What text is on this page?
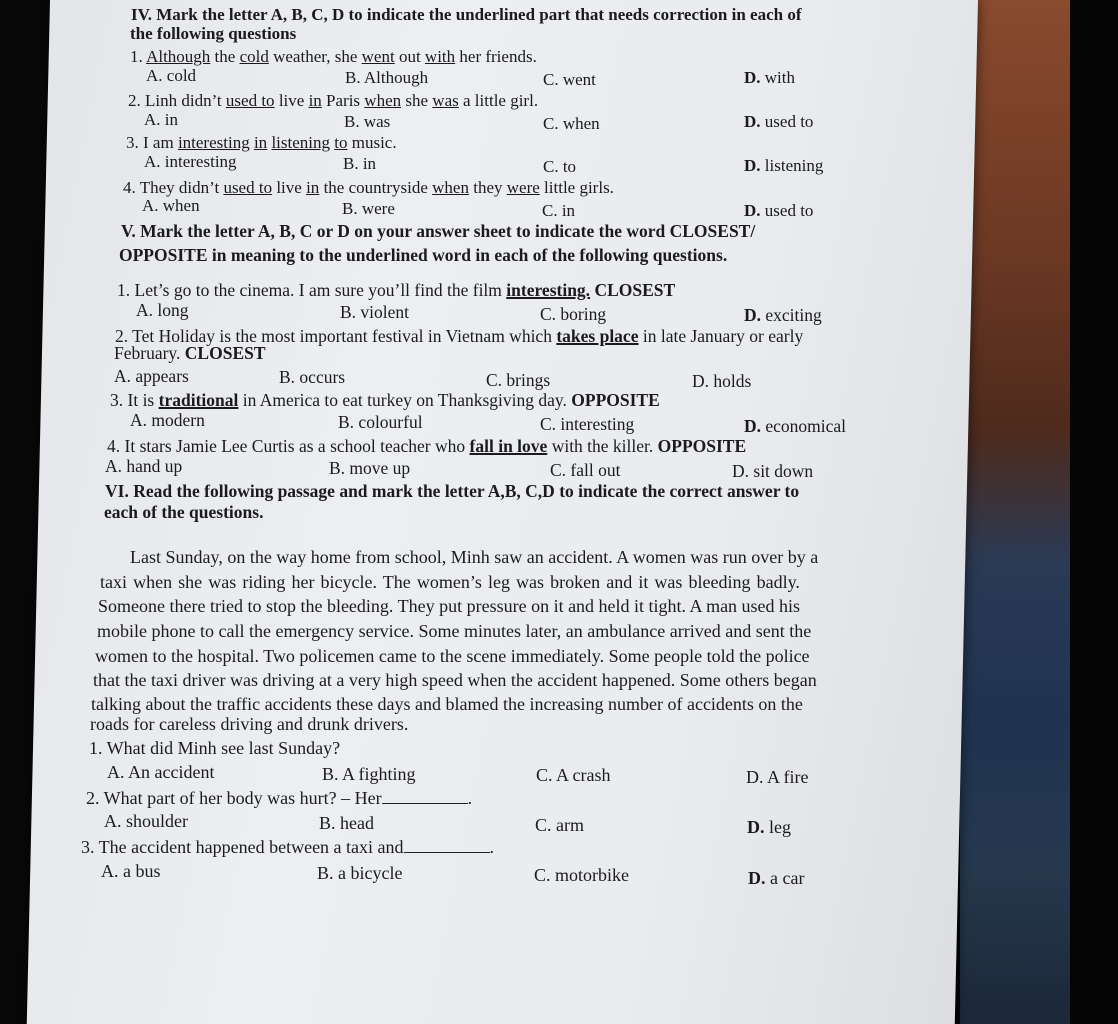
IV. Mark the letter A, B, C, D to indicate the underlined part that needs correction in each of
the following questions
1. Although the cold weather, she went out with her friends.
A. cold	B. Although	C. went	D. with
2. Linh didn’t used to live in Paris when she was a little girl.
A. in	B. was	C. when	D. used to
3. I am interesting in listening to music.
A. interesting	B. in	C. to	D. listening
4. They didn’t used to live in the countryside when they were little girls.
A. when	B. were	C. in	D. used to
V. Mark the letter A, B, C or D on your answer sheet to indicate the word CLOSEST/
OPPOSITE in meaning to the underlined word in each of the following questions.
1. Let’s go to the cinema. I am sure you’ll find the film interesting. CLOSEST
A. long	B. violent	C. boring	D. exciting
2. Tet Holiday is the most important festival in Vietnam which takes place in late January or early
February. CLOSEST
A. appears	B. occurs	C. brings	D. holds
3. It is traditional in America to eat turkey on Thanksgiving day. OPPOSITE
A. modern	B. colourful	C. interesting	D. economical
4. It stars Jamie Lee Curtis as a school teacher who fall in love with the killer. OPPOSITE
A. hand up	B. move up	C. fall out	D. sit down
VI. Read the following passage and mark the letter A,B, C,D to indicate the correct answer to
each of the questions.
Last Sunday, on the way home from school, Minh saw an accident. A women was run over by a
taxi when she was riding her bicycle. The women’s leg was broken and it was bleeding badly.
Someone there tried to stop the bleeding. They put pressure on it and held it tight. A man used his
mobile phone to call the emergency service. Some minutes later, an ambulance arrived and sent the
women to the hospital. Two policemen came to the scene immediately. Some people told the police
that the taxi driver was driving at a very high speed when the accident happened. Some others began
talking about the traffic accidents these days and blamed the increasing number of accidents on the
roads for careless driving and drunk drivers.
1. What did Minh see last Sunday?
A. An accident	B. A fighting	C. A crash	D. A fire
2. What part of her body was hurt? – Her	.
A. shoulder	B. head	C. arm	D. leg
3. The accident happened between a taxi and	.
A. a bus	B. a bicycle	C. motorbike	D. a car
